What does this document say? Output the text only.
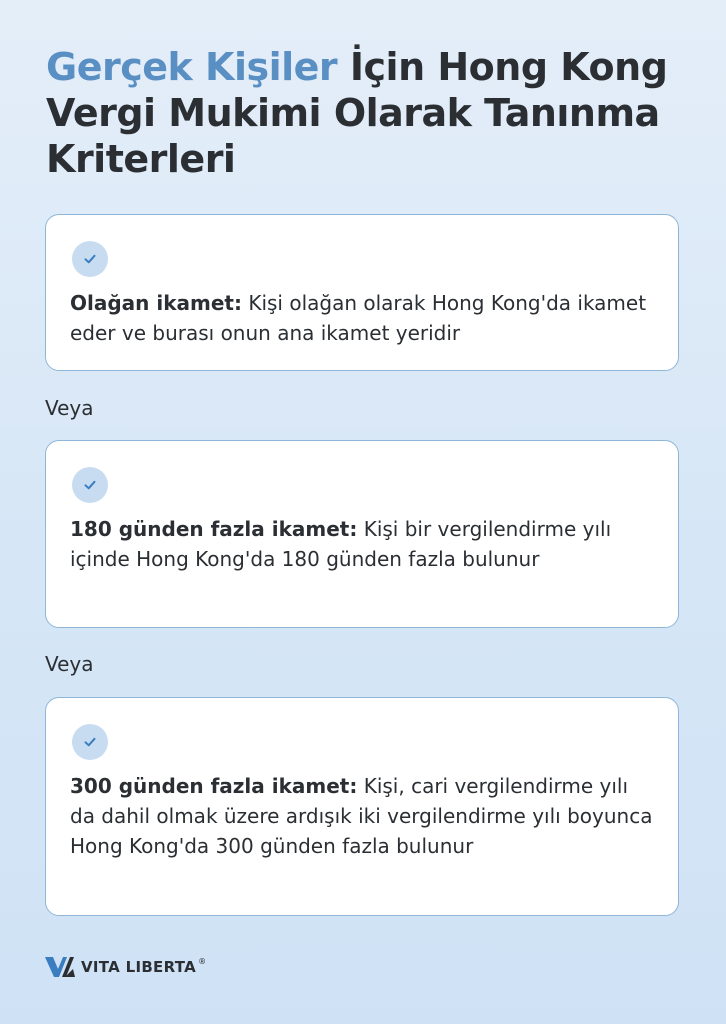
Gerçek Kişiler İçin Hong Kong Vergi Mukimi Olarak Tanınma Kriterleri

Olağan ikamet: Kişi olağan olarak Hong Kong'da ikamet eder ve burası onun ana ikamet yeridir

Veya

180 günden fazla ikamet: Kişi bir vergilendirme yılı içinde Hong Kong'da 180 günden fazla bulunur

Veya

300 günden fazla ikamet: Kişi, cari vergilendirme yılı da dahil olmak üzere ardışık iki vergilendirme yılı boyunca Hong Kong'da 300 günden fazla bulunur

VITA LIBERTA ®
